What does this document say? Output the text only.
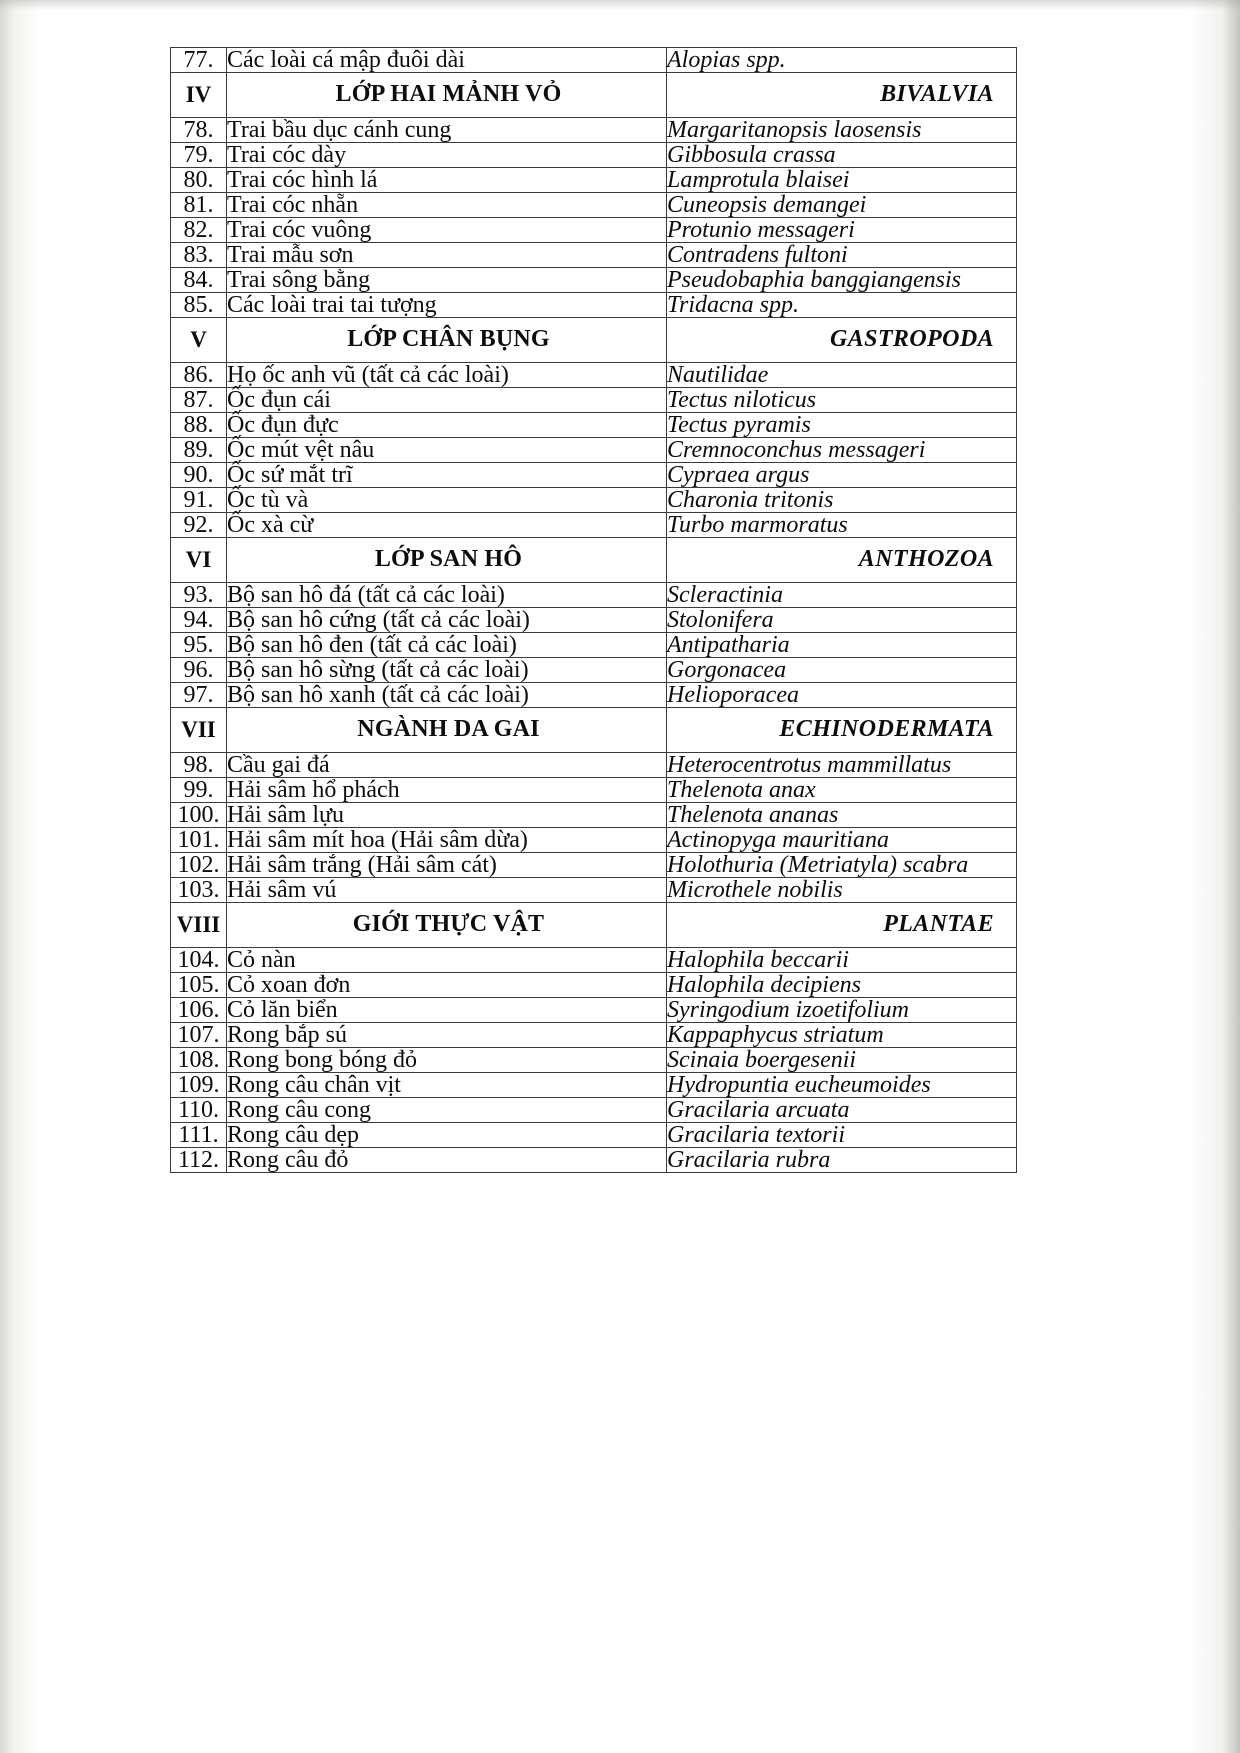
77.	Các loài cá mập đuôi dài	Alopias spp.
IV	LỚP HAI MẢNH VỎ	BIVALVIA
78.	Trai bầu dục cánh cung	Margaritanopsis laosensis
79.	Trai cóc dày	Gibbosula crassa
80.	Trai cóc hình lá	Lamprotula blaisei
81.	Trai cóc nhẵn	Cuneopsis demangei
82.	Trai cóc vuông	Protunio messageri
83.	Trai mẫu sơn	Contradens fultoni
84.	Trai sông bằng	Pseudobaphia banggiangensis
85.	Các loài trai tai tượng	Tridacna spp.
V	LỚP CHÂN BỤNG	GASTROPODA
86.	Họ ốc anh vũ (tất cả các loài)	Nautilidae
87.	Ốc đụn cái	Tectus niloticus
88.	Ốc đụn đực	Tectus pyramis
89.	Ốc mút vệt nâu	Cremnoconchus messageri
90.	Ốc sứ mắt trĩ	Cypraea argus
91.	Ốc tù và	Charonia tritonis
92.	Ốc xà cừ	Turbo marmoratus
VI	LỚP SAN HÔ	ANTHOZOA
93.	Bộ san hô đá (tất cả các loài)	Scleractinia
94.	Bộ san hô cứng (tất cả các loài)	Stolonifera
95.	Bộ san hô đen (tất cả các loài)	Antipatharia
96.	Bộ san hô sừng (tất cả các loài)	Gorgonacea
97.	Bộ san hô xanh (tất cả các loài)	Helioporacea
VII	NGÀNH DA GAI	ECHINODERMATA
98.	Cầu gai đá	Heterocentrotus mammillatus
99.	Hải sâm hổ phách	Thelenota anax
100.	Hải sâm lựu	Thelenota ananas
101.	Hải sâm mít hoa (Hải sâm dừa)	Actinopyga mauritiana
102.	Hải sâm trắng (Hải sâm cát)	Holothuria (Metriatyla) scabra
103.	Hải sâm vú	Microthele nobilis
VIII	GIỚI THỰC VẬT	PLANTAE
104.	Cỏ nàn	Halophila beccarii
105.	Cỏ xoan đơn	Halophila decipiens
106.	Cỏ lăn biển	Syringodium izoetifolium
107.	Rong bắp sú	Kappaphycus striatum
108.	Rong bong bóng đỏ	Scinaia boergesenii
109.	Rong câu chân vịt	Hydropuntia eucheumoides
110.	Rong câu cong	Gracilaria arcuata
111.	Rong câu dẹp	Gracilaria textorii
112.	Rong câu đỏ	Gracilaria rubra
